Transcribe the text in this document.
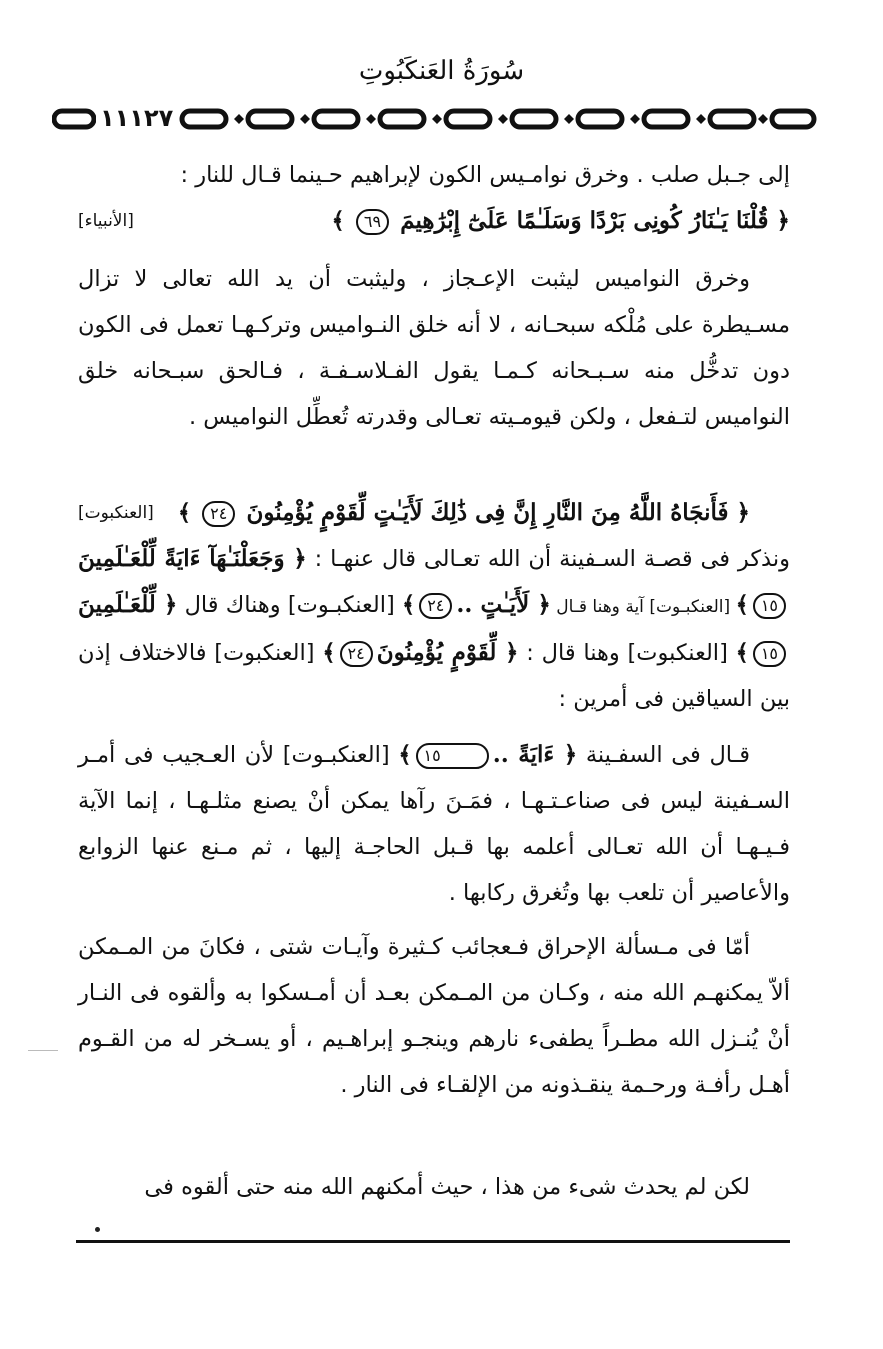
سُورَةُ العَنكَبُوتِ
١١١٢٧

إلى جـبل صلب . وخرق نوامـيس الكون لإبراهيم حـينما قـال للنار :

﴿ قُلْنَا يَـٰنَارُ كُونِى بَرْدًا وَسَلَـٰمًا عَلَىٰٓ إِبْرَٰهِيمَ ٦٩ ﴾
[الأنبياء]

وخرق النواميس ليثبت الإعـجاز ، وليثبت أن يد الله تعالى لا تزال مسـيطرة على مُلْكه سبحـانه ، لا أنه خلق النـواميس وتركـهـا تعمل فى الكون دون تدخُّل منه سـبـحانه كـمـا يقول الفـلاسـفـة ، فـالحق سبـحانه خلق النواميس لتـفعل ، ولكن قيومـيته تعـالى وقدرته تُعطِّل النواميس .

﴿ فَأَنجَاهُ اللَّهُ مِنَ النَّارِ إِنَّ فِى ذَٰلِكَ لَأَيَـٰتٍ لِّقَوْمٍ يُؤْمِنُونَ ٢٤ ﴾
[العنكبوت]

ونذكر فى قصـة السـفينة أن الله تعـالى قال عنهـا : ﴿ وَجَعَلْنَـٰهَآ ءَايَةً لِّلْعَـٰلَمِينَ١٥﴾ [العنكبـوت] آية وهنا قـال ﴿ لَأَيَـٰتٍ ..٢٤﴾ [العنكبـوت] وهناك قال ﴿ لِّلْعَـٰلَمِينَ١٥﴾ [العنكبوت] وهنا قال : ﴿ لِّقَوْمٍ يُؤْمِنُونَ٢٤﴾ [العنكبوت] فالاختلاف إذن بين السياقين فى أمرين :

قـال فى السفـينة ﴿ ءَايَةً ..١٥﴾ [العنكبـوت] لأن العـجيب فى أمـر السـفينة ليس فى صناعـتـهـا ، فمَـنَ رآها يمكن أنْ يصنع مثلـهـا ، إنما الآية فـيـهـا أن الله تعـالى أعلمه بها قـبل الحاجـة إليها ، ثم مـنع عنها الزوابع والأعاصير أن تلعب بها وتُغرق ركابها .

أمّا فى مـسألة الإحراق فـعجائب كـثيرة وآيـات شتى ، فكانَ من المـمكن ألاّ يمكنهـم الله منه ، وكـان من المـمكن بعـد أن أمـسكوا به وألقوه فى النـار أنْ يُنـزل الله مطـراً يطفىء نارهم وينجـو إبراهـيم ، أو يسـخر له من القـوم أهـل رأفـة ورحـمة ينقـذونه من الإلقـاء فى النار .

لكن لم يحدث شىء من هذا ، حيث أمكنهم الله منه حتى ألقوه فى
